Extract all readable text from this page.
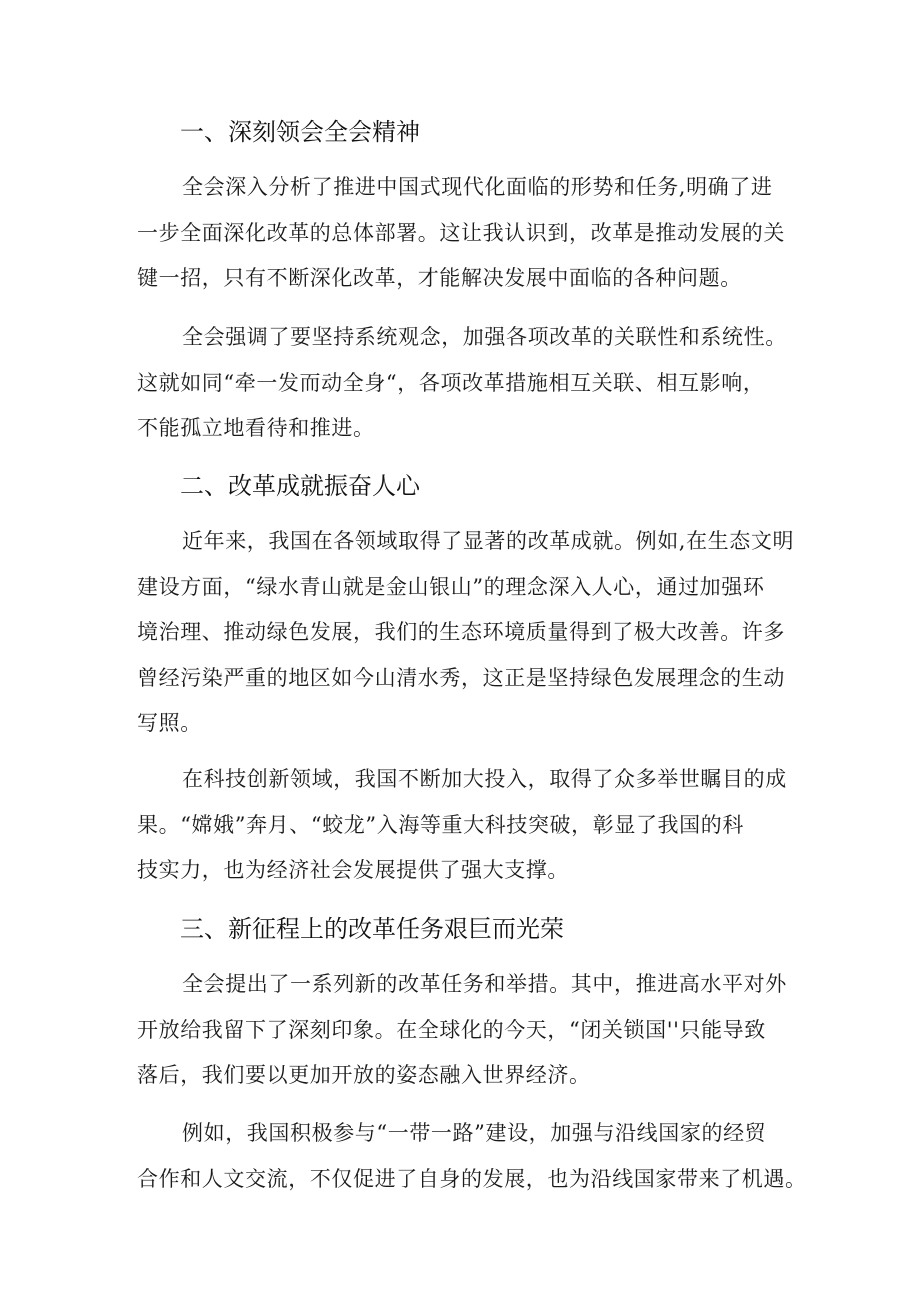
一、深刻领会全会精神
全会深入分析了推进中国式现代化面临的形势和任务,明确了进
一步全面深化改革的总体部署。这让我认识到，改革是推动发展的关
键一招，只有不断深化改革，才能解决发展中面临的各种问题。
全会强调了要坚持系统观念，加强各项改革的关联性和系统性。
这就如同“牵一发而动全身“，各项改革措施相互关联、相互影响，
不能孤立地看待和推进。
二、改革成就振奋人心
近年来，我国在各领域取得了显著的改革成就。例如,在生态文明
建设方面，“绿水青山就是金山银山”的理念深入人心，通过加强环
境治理、推动绿色发展，我们的生态环境质量得到了极大改善。许多
曾经污染严重的地区如今山清水秀，这正是坚持绿色发展理念的生动
写照。
在科技创新领域，我国不断加大投入，取得了众多举世瞩目的成
果。“嫦娥”奔月、“蛟龙”入海等重大科技突破，彰显了我国的科
技实力，也为经济社会发展提供了强大支撑。
三、新征程上的改革任务艰巨而光荣
全会提出了一系列新的改革任务和举措。其中，推进高水平对外
开放给我留下了深刻印象。在全球化的今天，“闭关锁国''只能导致
落后，我们要以更加开放的姿态融入世界经济。
例如，我国积极参与“一带一路”建设，加强与沿线国家的经贸
合作和人文交流，不仅促进了自身的发展，也为沿线国家带来了机遇。
